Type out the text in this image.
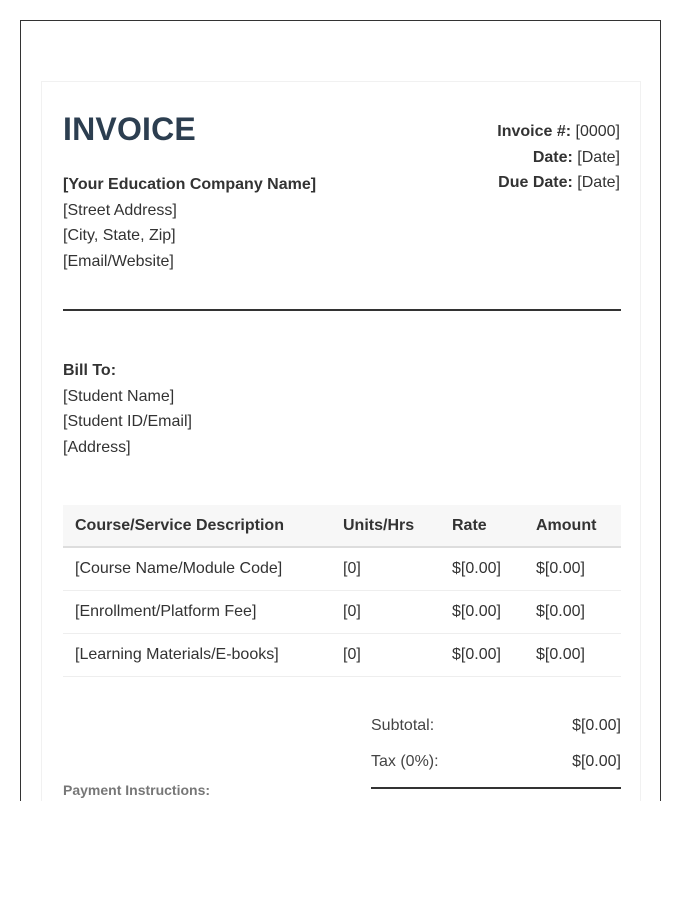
INVOICE
[Your Education Company Name]
[Street Address]
[City, State, Zip]
[Email/Website]
Invoice #: [0000]
Date: [Date]
Due Date: [Date]
Bill To:
[Student Name]
[Student ID/Email]
[Address]
Course/Service Description	Units/Hrs	Rate	Amount
[Course Name/Module Code]	[0]	$[0.00]	$[0.00]
[Enrollment/Platform Fee]	[0]	$[0.00]	$[0.00]
[Learning Materials/E-books]	[0]	$[0.00]	$[0.00]
Subtotal:	$[0.00]
Tax (0%):	$[0.00]
Payment Instructions:
